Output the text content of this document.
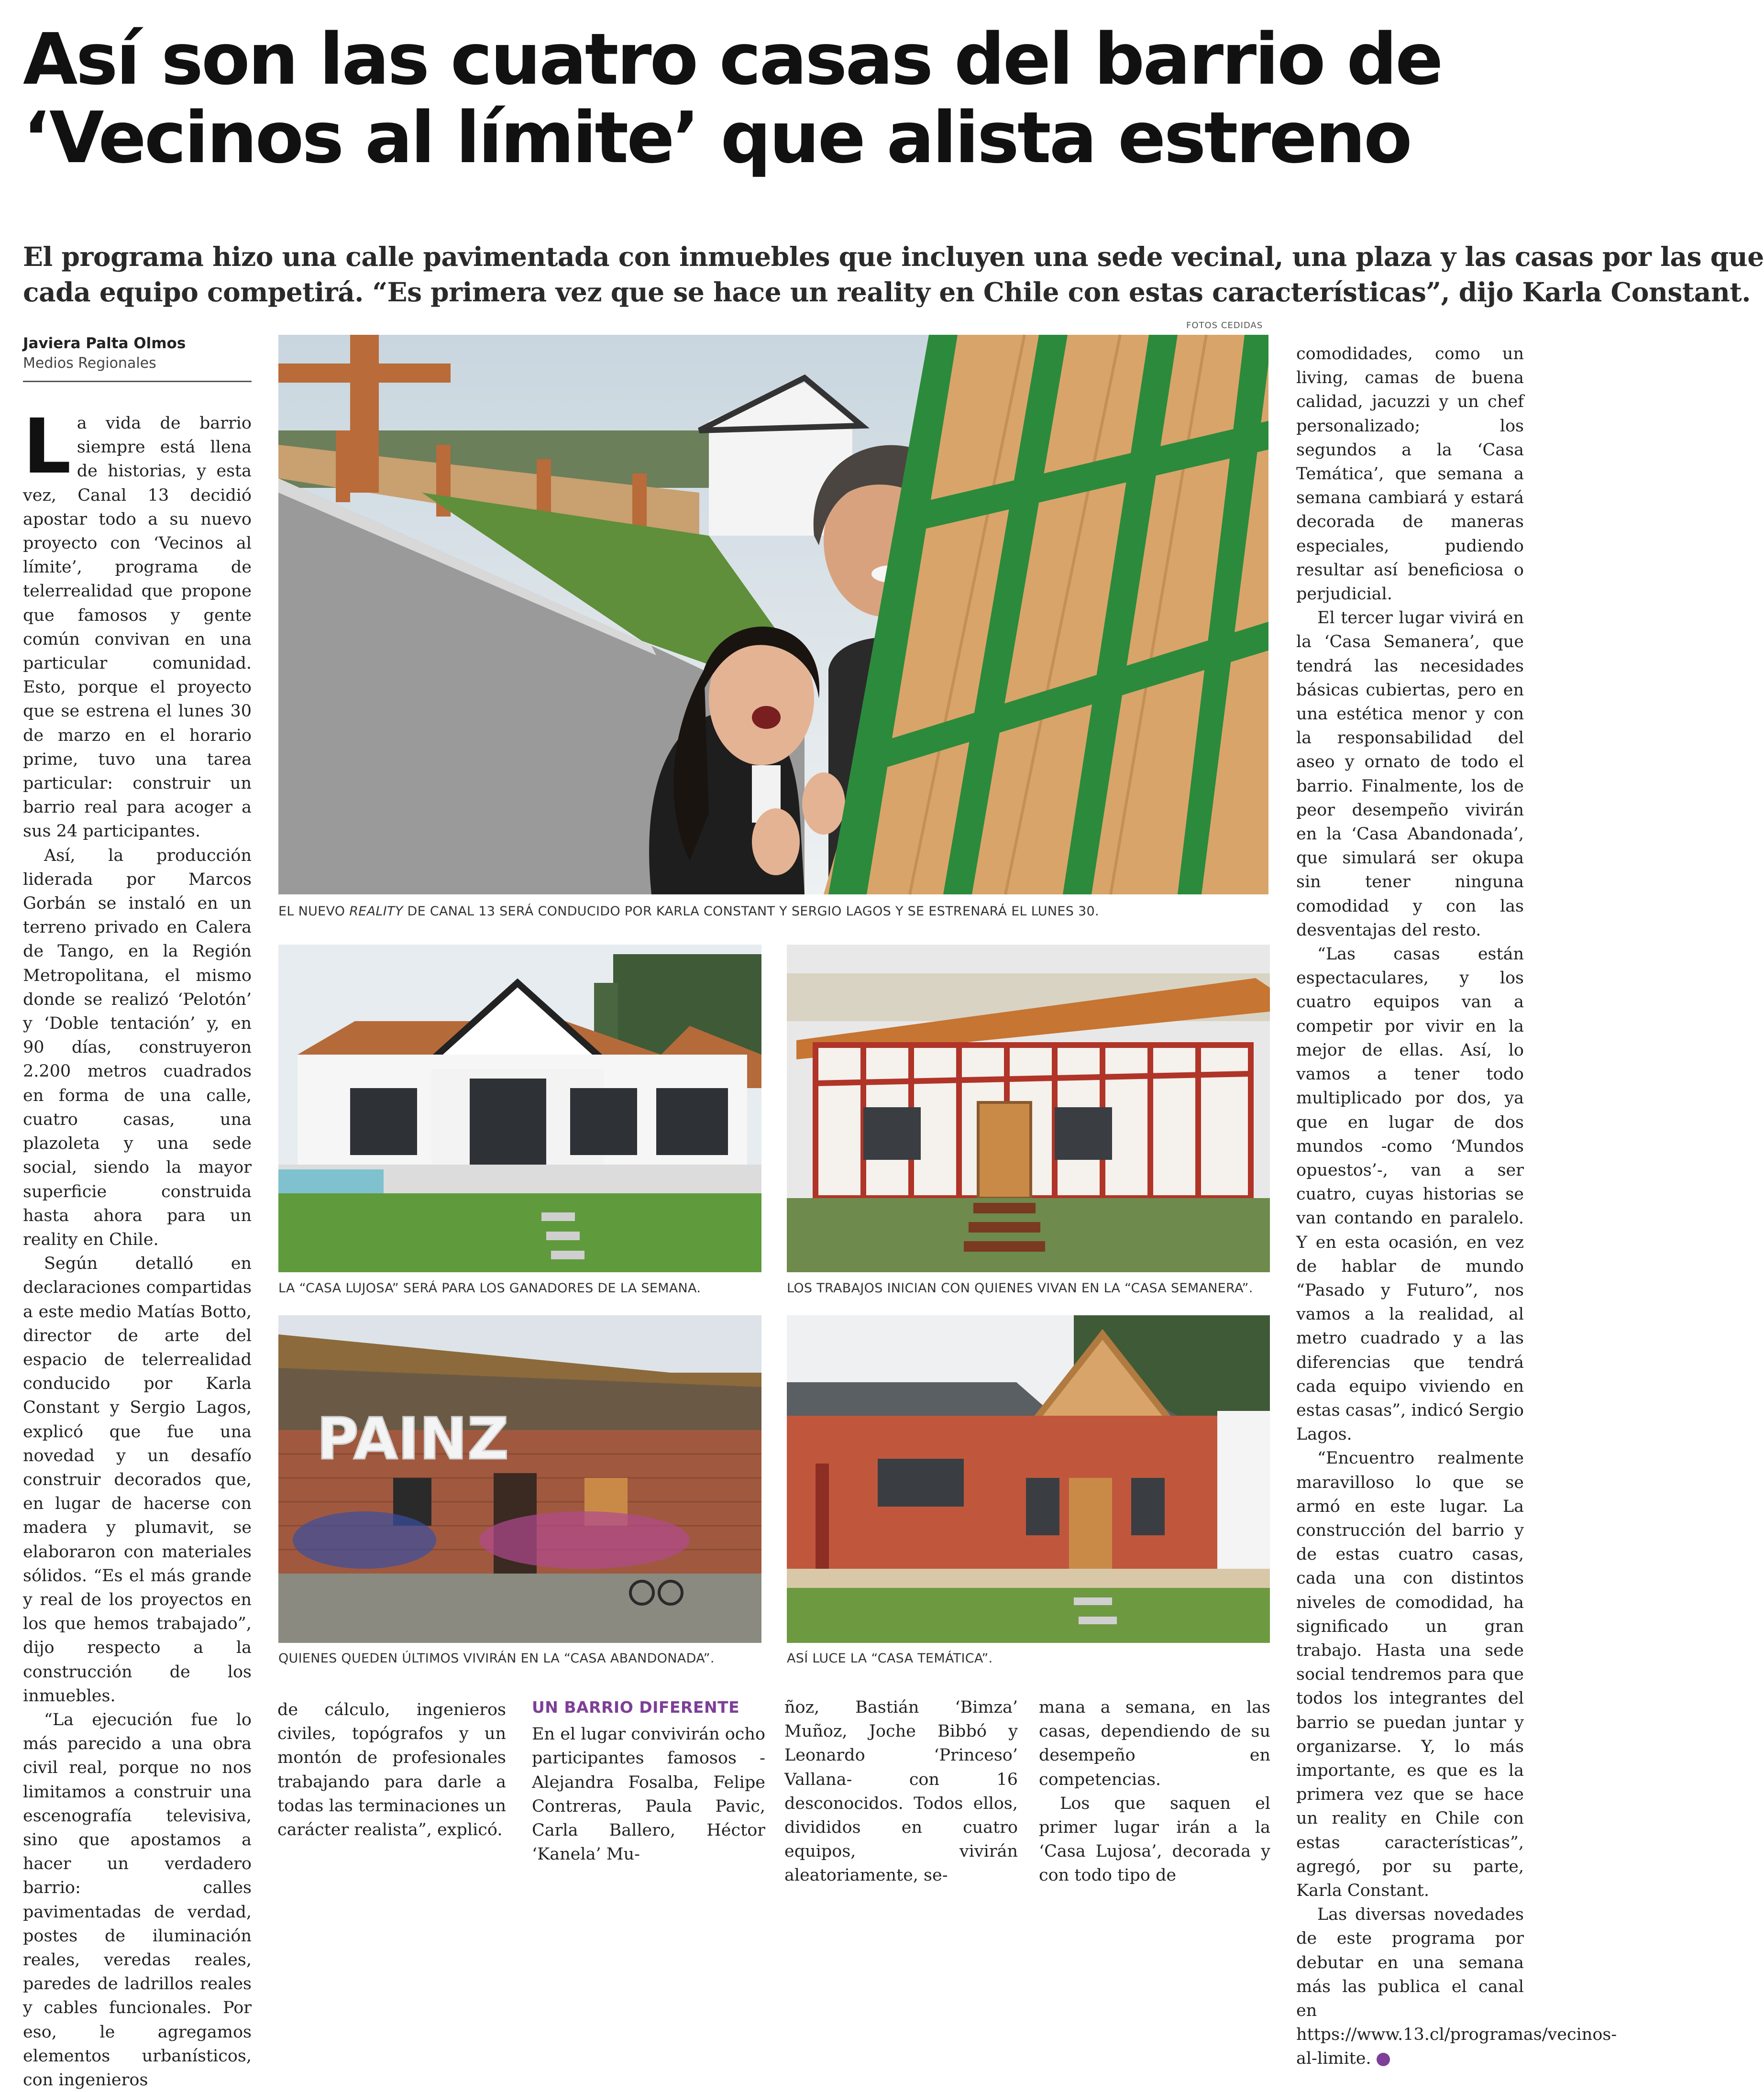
Así son las cuatro casas del barrio de
‘Vecinos al límite’ que alista estreno
El programa hizo una calle pavimentada con inmuebles que incluyen una sede vecinal, una plaza y las casas por las que
cada equipo competirá. “Es primera vez que se hace un reality en Chile con estas características”, dijo Karla Constant.
Javiera Palta Olmos
Medios Regionales
FOTOS CEDIDAS

La vida de barrio siempre está llena de historias, y esta vez, Canal 13 decidió apostar todo a su nuevo proyecto con ‘Vecinos al límite’, programa de telerrealidad que propone que famosos y gente común convivan en una particular comunidad. Esto, porque el proyecto que se estrena el lunes 30 de marzo en el horario prime, tuvo una tarea particular: construir un barrio real para acoger a sus 24 participantes.

Así, la producción liderada por Marcos Gorbán se instaló en un terreno privado en Calera de Tango, en la Región Metropolitana, el mismo donde se realizó ‘Pelotón’ y ‘Doble tentación’ y, en 90 días, construyeron 2.200 metros cuadrados en forma de una calle, cuatro casas, una plazoleta y una sede social, siendo la mayor superficie construida hasta ahora para un reality en Chile.

Según detalló en declaraciones compartidas a este medio Matías Botto, director de arte del espacio de telerrealidad conducido por Karla Constant y Sergio Lagos, explicó que fue una novedad y un desafío construir decorados que, en lugar de hacerse con madera y plumavit, se elaboraron con materiales sólidos. “Es el más grande y real de los proyectos en los que hemos trabajado”, dijo respecto a la construcción de los inmuebles.

“La ejecución fue lo más parecido a una obra civil real, porque no nos limitamos a construir una escenografía televisiva, sino que apostamos a hacer un verdadero barrio: calles pavimentadas de verdad, postes de iluminación reales, veredas reales, paredes de ladrillos reales y cables funcionales. Por eso, le agregamos elementos urbanísticos, con ingenieros

EL NUEVO REALITY DE CANAL 13 SERÁ CONDUCIDO POR KARLA CONSTANT Y SERGIO LAGOS Y SE ESTRENARÁ EL LUNES 30.
LA “CASA LUJOSA” SERÁ PARA LOS GANADORES DE LA SEMANA.	LOS TRABAJOS INICIAN CON QUIENES VIVAN EN LA “CASA SEMANERA”.
PAINZ
QUIENES QUEDEN ÚLTIMOS VIVIRÁN EN LA “CASA ABANDONADA”.	ASÍ LUCE LA “CASA TEMÁTICA”.

de cálculo, ingenieros civiles, topógrafos y un montón de profesionales trabajando para darle a todas las terminaciones un carácter realista”, explicó.

UN BARRIO DIFERENTE

En el lugar convivirán ocho participantes famosos -Alejandra Fosalba, Felipe Contreras, Paula Pavic, Carla Ballero, Héctor ‘Kanela’ Mu-

ñoz, Bastián ‘Bimza’ Muñoz, Joche Bibbó y Leonardo ‘Princeso’ Vallana- con 16 desconocidos. Todos ellos, divididos en cuatro equipos, vivirán aleatoriamente, se-

mana a semana, en las casas, dependiendo de su desempeño en competencias.

Los que saquen el primer lugar irán a la ‘Casa Lujosa’, decorada y con todo tipo de

comodidades, como un living, camas de buena calidad, jacuzzi y un chef personalizado; los segundos a la ‘Casa Temática’, que semana a semana cambiará y estará decorada de maneras especiales, pudiendo resultar así beneficiosa o perjudicial.

El tercer lugar vivirá en la ‘Casa Semanera’, que tendrá las necesidades básicas cubiertas, pero en una estética menor y con la responsabilidad del aseo y ornato de todo el barrio. Finalmente, los de peor desempeño vivirán en la ‘Casa Abandonada’, que simulará ser okupa sin tener ninguna comodidad y con las desventajas del resto.

“Las casas están espectaculares, y los cuatro equipos van a competir por vivir en la mejor de ellas. Así, lo vamos a tener todo multiplicado por dos, ya que en lugar de dos mundos -como ‘Mundos opuestos’-, van a ser cuatro, cuyas historias se van contando en paralelo. Y en esta ocasión, en vez de hablar de mundo “Pasado y Futuro”, nos vamos a la realidad, al metro cuadrado y a las diferencias que tendrá cada equipo viviendo en estas casas”, indicó Sergio Lagos.

“Encuentro realmente maravilloso lo que se armó en este lugar. La construcción del barrio y de estas cuatro casas, cada una con distintos niveles de comodidad, ha significado un gran trabajo. Hasta una sede social tendremos para que todos los integrantes del barrio se puedan juntar y organizarse. Y, lo más importante, es que es la primera vez que se hace un reality en Chile con estas características”, agregó, por su parte, Karla Constant.

Las diversas novedades de este programa por debutar en una semana más las publica el canal en https://www.13.cl/programas/vecinos-al-limite.	✪
